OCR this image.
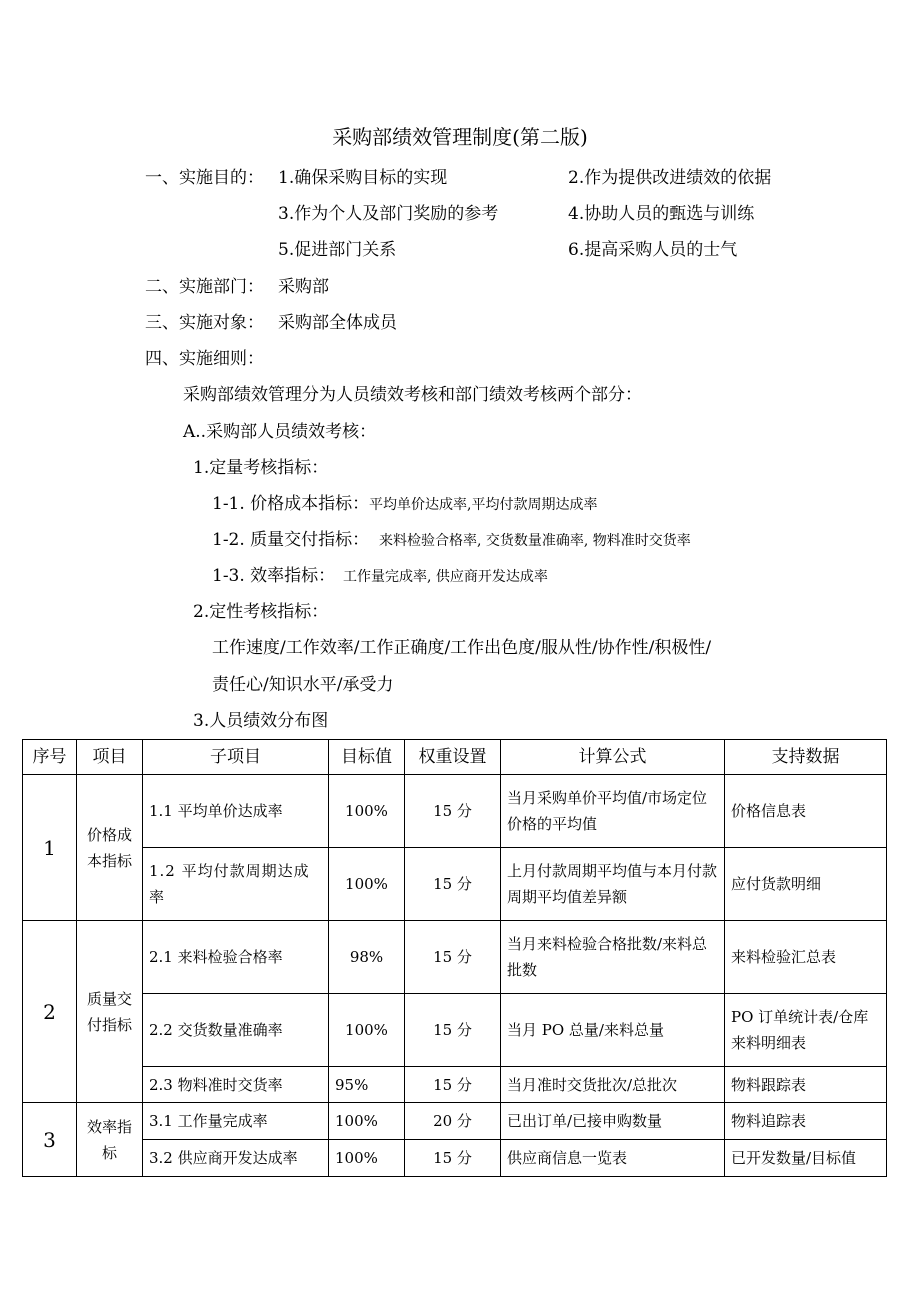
采购部绩效管理制度(第二版)
一、实施目的： 1.确保采购目标的实现	2.作为提供改进绩效的依据
3.作为个人及部门奖励的参考	4.协助人员的甄选与训练
5.促进部门关系	6.提高采购人员的士气
二、实施部门： 采购部
三、实施对象： 采购部全体成员
四、实施细则：
采购部绩效管理分为人员绩效考核和部门绩效考核两个部分：
A..采购部人员绩效考核：
1.定量考核指标：
1-1. 价格成本指标： 平均单价达成率,平均付款周期达成率
1-2. 质量交付指标： 来料检验合格率, 交货数量准确率, 物料准时交货率
1-3. 效率指标： 工作量完成率, 供应商开发达成率
2.定性考核指标：
工作速度/工作效率/工作正确度/工作出色度/服从性/协作性/积极性/
责任心/知识水平/承受力
3.人员绩效分布图
序号	项目	子项目	目标值	权重设置	计算公式	支持数据
1	价格成本指标	1.1 平均单价达成率	100%	15 分	当月采购单价平均值/市场定位价格的平均值	价格信息表
		1.2 平均付款周期达成率	100%	15 分	上月付款周期平均值与本月付款周期平均值差异额	应付货款明细
2	质量交付指标	2.1 来料检验合格率	98%	15 分	当月来料检验合格批数/来料总批数	来料检验汇总表
		2.2 交货数量准确率	100%	15 分	当月 PO 总量/来料总量	PO 订单统计表/仓库来料明细表
		2.3 物料准时交货率	95%	15 分	当月准时交货批次/总批次	物料跟踪表
3	效率指标	3.1 工作量完成率	100%	20 分	已出订单/已接申购数量	物料追踪表
		3.2 供应商开发达成率	100%	15 分	供应商信息一览表	已开发数量/目标值
